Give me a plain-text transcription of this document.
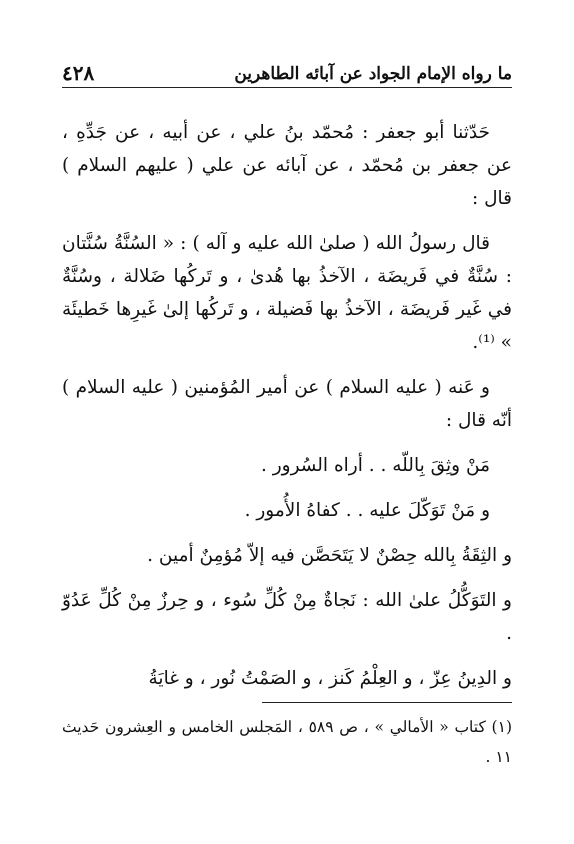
٤٢٨	ما رواه الإمام الجواد عن آبائه الطاهرين

حَدّثنا أبو جعفر : مُحمّد بنُ علي ، عن أبيه ، عن جَدِّهِ ، عن جعفر بن مُحمّد ، عن آبائه عن علي ( عليهم السلام ) قال :

قال رسولُ الله ( صلىٰ الله عليه و آله ) : « السُنَّةُ سُنَّتان : سُنَّةٌ في فَريضَة ، الآخذُ بها هُدىٰ ، و تَركُها ضَلالة ، وسُنَّةٌ في غَير فَريضَة ، الآخذُ بها فَضيلة ، و تَركُها إلىٰ غَيرِها خَطيئَة » ⁽¹⁾.

و عَنه ( عليه السلام ) عن أمير المُؤمنين ( عليه السلام ) أنّه قال :

مَنْ وثِقَ بِاللّه . . أراه السُرور .

و مَنْ تَوَكّلَ عليه . . كفاهُ الأُمور .

و الثِقَةُ بِالله حِصْنٌ لا يَتَحَصَّن فيه إلاّ مُؤمِنٌ أمين .

و التَوَكُّلُ علىٰ الله : نَجاةٌ مِنْ كُلِّ سُوء ، و حِرزٌ مِنْ كُلِّ عَدُوّ .

و الدِينُ عِزّ ، و العِلْمُ كَنز ، و الصَمْتُ نُور ، و غايَةُ

(١) كتاب « الأمالي » ، ص ٥٨٩ ، المَجلس الخامس و العِشرون حَديث ١١ .
